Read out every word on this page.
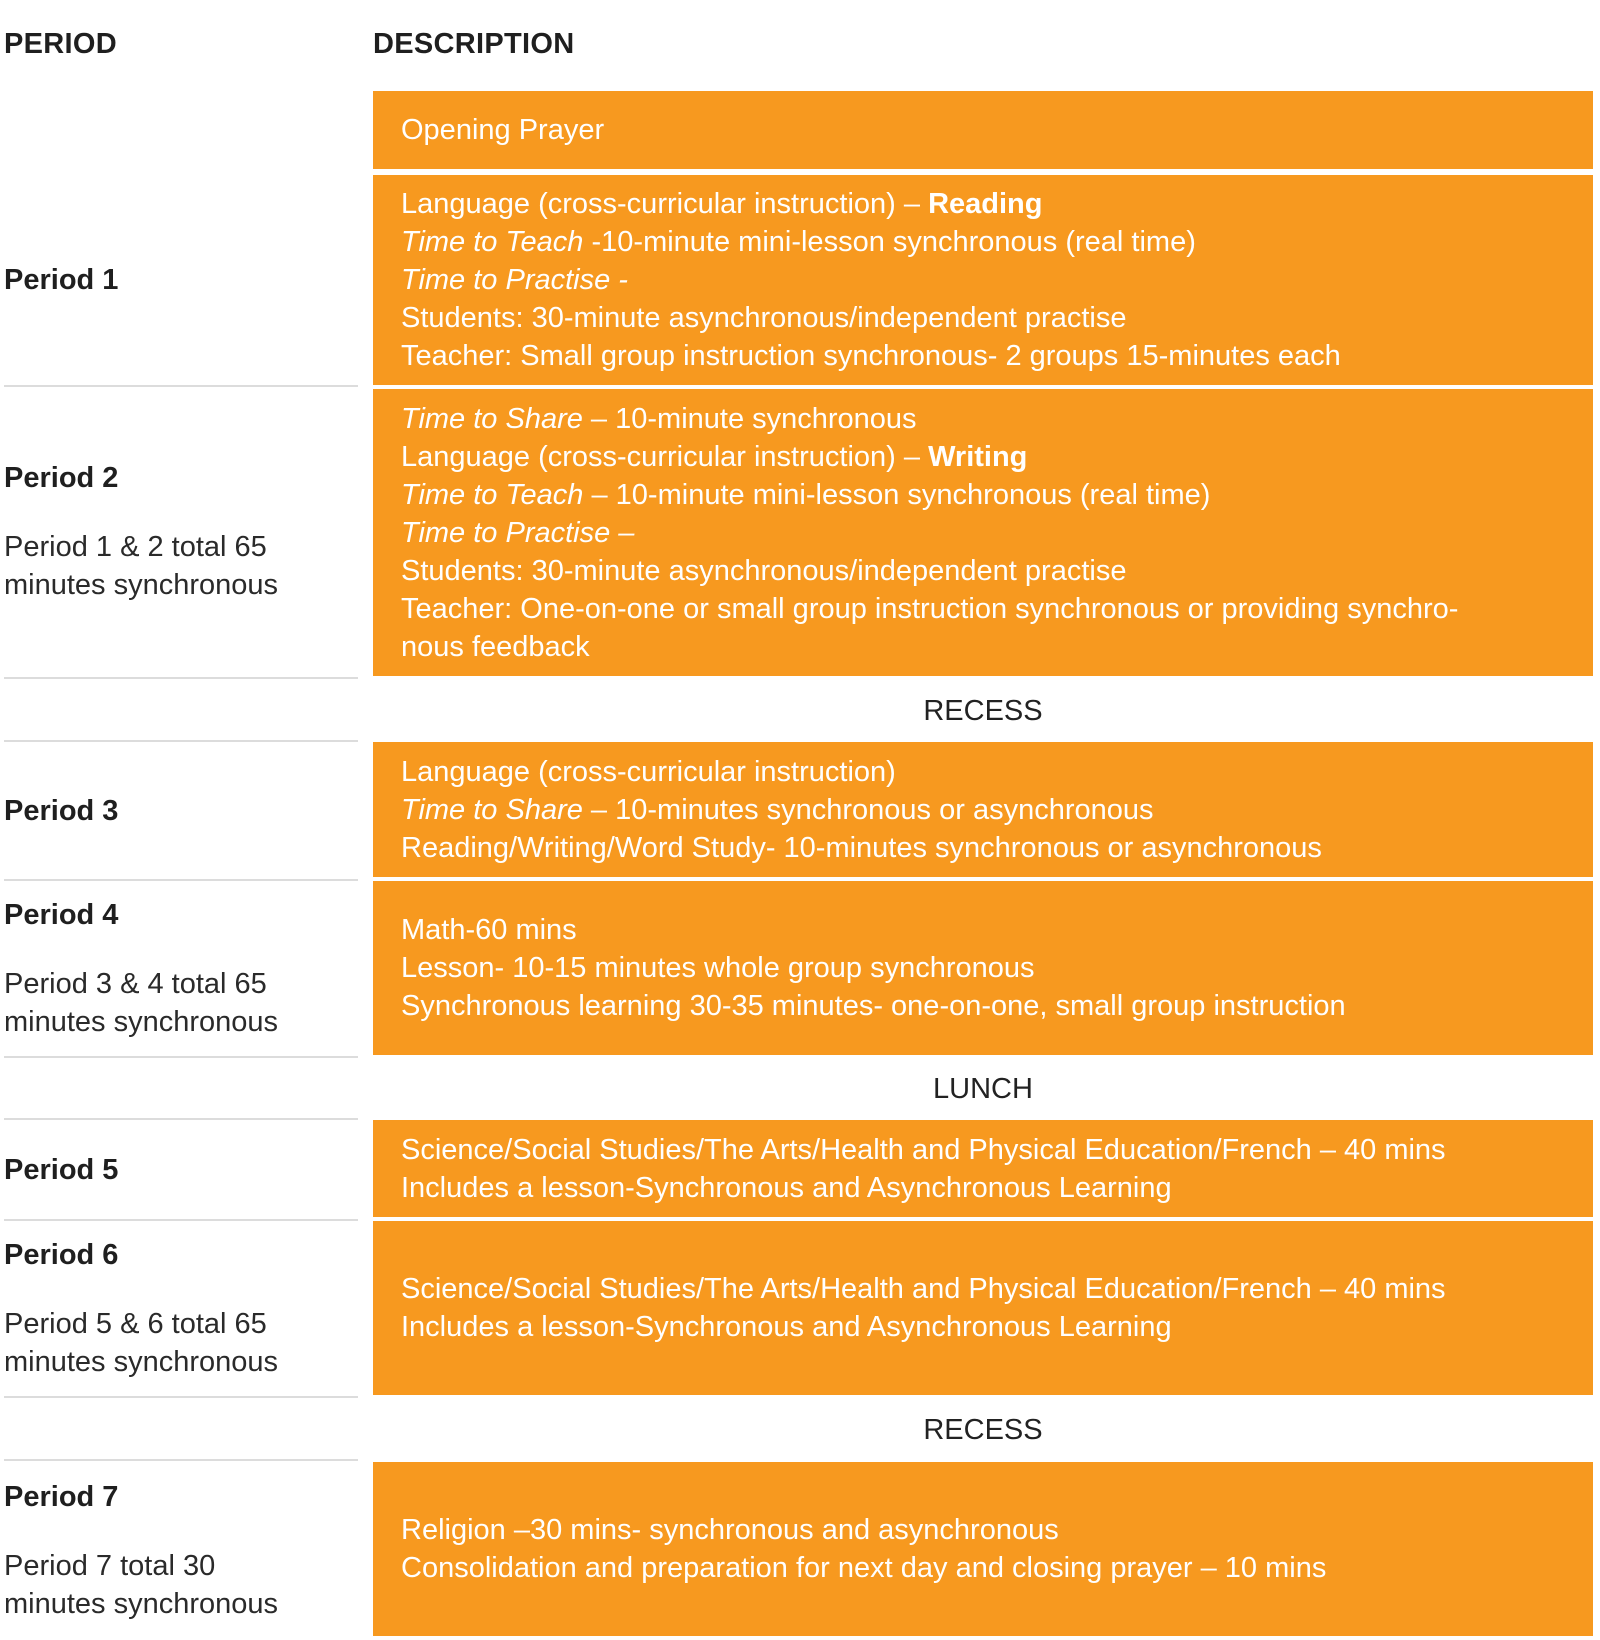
PERIOD	DESCRIPTION
Opening Prayer
Period 1
Language (cross-curricular instruction) – Reading
Time to Teach -10-minute mini-lesson synchronous (real time)
Time to Practise -
Students: 30-minute asynchronous/independent practise
Teacher: Small group instruction synchronous- 2 groups 15-minutes each
Period 2
Period 1 & 2 total 65 minutes synchronous
Time to Share – 10-minute synchronous
Language (cross-curricular instruction) – Writing
Time to Teach – 10-minute mini-lesson synchronous (real time)
Time to Practise –
Students: 30-minute asynchronous/independent practise
Teacher: One-on-one or small group instruction synchronous or providing synchro-
nous feedback
RECESS
Period 3
Language (cross-curricular instruction)
Time to Share – 10-minutes synchronous or asynchronous
Reading/Writing/Word Study- 10-minutes synchronous or asynchronous
Period 4
Period 3 & 4 total 65 minutes synchronous
Math-60 mins
Lesson- 10-15 minutes whole group synchronous
Synchronous learning 30-35 minutes- one-on-one, small group instruction
LUNCH
Period 5
Science/Social Studies/The Arts/Health and Physical Education/French – 40 mins
Includes a lesson-Synchronous and Asynchronous Learning
Period 6
Period 5 & 6 total 65 minutes synchronous
Science/Social Studies/The Arts/Health and Physical Education/French – 40 mins
Includes a lesson-Synchronous and Asynchronous Learning
RECESS
Period 7
Period 7 total 30 minutes synchronous
Religion –30 mins- synchronous and asynchronous
Consolidation and preparation for next day and closing prayer – 10 mins
